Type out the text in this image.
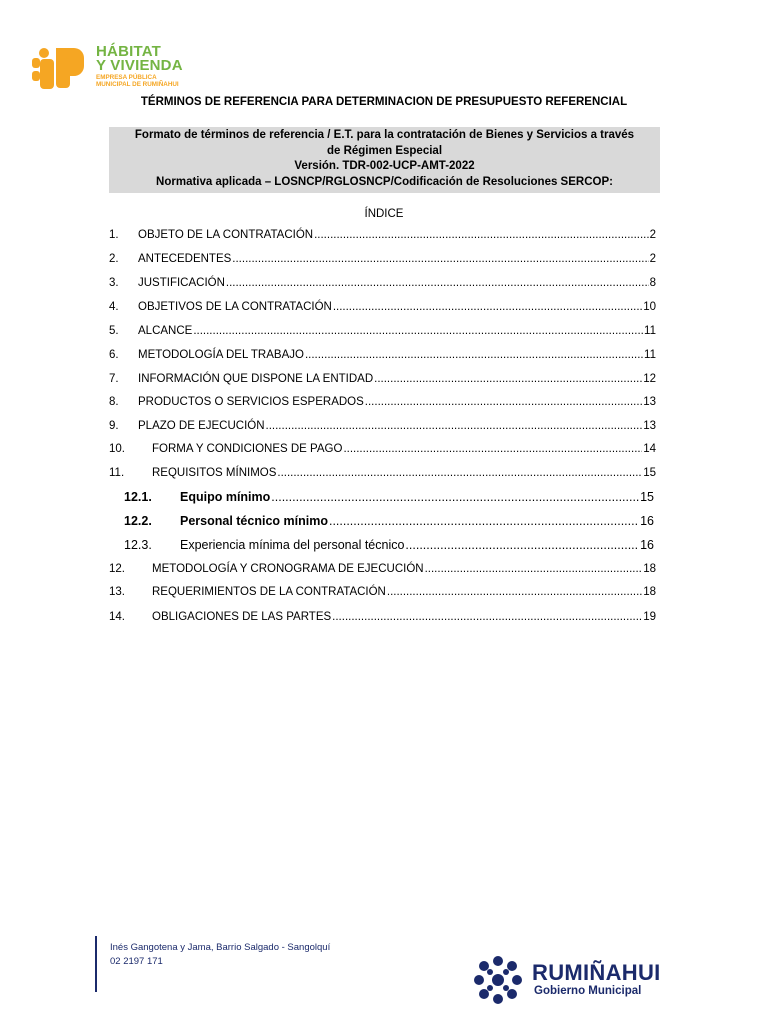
HÁBITAT
Y VIVIENDA
EMPRESA PÚBLICA
MUNICIPAL DE RUMIÑAHUI
TÉRMINOS DE REFERENCIA PARA DETERMINACION DE PRESUPUESTO REFERENCIAL
Formato de términos de referencia / E.T. para la contratación de Bienes y Servicios a través
de Régimen Especial
Versión. TDR-002-UCP-AMT-2022
Normativa aplicada – LOSNCP/RGLOSNCP/Codificación de Resoluciones SERCOP:
ÍNDICE
1.	OBJETO DE LA CONTRATACIÓN .....	2
2.	ANTECEDENTES .....	2
3.	JUSTIFICACIÓN .....	8
4.	OBJETIVOS DE LA CONTRATACIÓN .....	10
5.	ALCANCE .....	11
6.	METODOLOGÍA DEL TRABAJO .....	11
7.	INFORMACIÓN QUE DISPONE LA ENTIDAD .....	12
8.	PRODUCTOS O SERVICIOS ESPERADOS .....	13
9.	PLAZO DE EJECUCIÓN .....	13
10.	FORMA Y CONDICIONES DE PAGO .....	14
11.	REQUISITOS MÍNIMOS .....	15
12.1.	Equipo mínimo .....	15
12.2.	Personal técnico mínimo .....	16
12.3.	Experiencia mínima del personal técnico .....	16
12.	METODOLOGÍA Y CRONOGRAMA DE EJECUCIÓN .....	18
13.	REQUERIMIENTOS DE LA CONTRATACIÓN .....	18
14.	OBLIGACIONES DE LAS PARTES .....	19
Inés Gangotena y Jama, Barrio Salgado - Sangolquí
02 2197 171	RUMIÑAHUI
Gobierno Municipal
